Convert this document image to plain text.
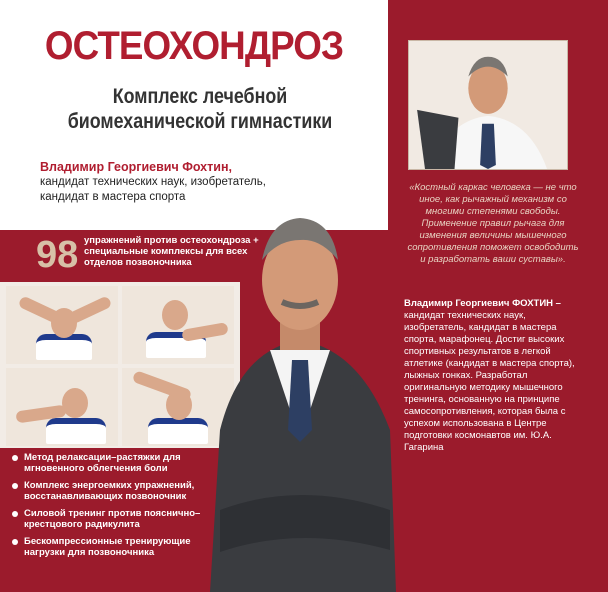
ОСТЕОХОНДРОЗ
Комплекс лечебной биомеханической гимнастики
Владимир Георгиевич Фохтин,
кандидат технических наук, изобретатель, кандидат в мастера спорта
98 упражнений против остеохондроза + специальные комплексы для всех отделов позвоночника
Метод релаксации–растяжки для мгновенного облегчения боли
Комплекс энергоемких упражнений, восстанавливающих позвоночник
Силовой тренинг против пояснично–крестцового радикулита
Бескомпрессионные тренирующие нагрузки для позвоночника
«Костный каркас человека — не что иное, как рычажный механизм со многими степенями свободы. Применение правил рычага для изменения величины мышечного сопротивления поможет освободить и разработать ваши суставы».
Владимир Георгиевич ФОХТИН –
кандидат технических наук, изобретатель, кандидат в мастера спорта, марафонец. Достиг высоких спортивных результатов в легкой атлетике (кандидат в мастера спорта), лыжных гонках. Разработал оригинальную методику мышечного тренинга, основанную на принципе самосопротивления, которая была с успехом использована в Центре подготовки космонавтов им. Ю.А. Гагарина
